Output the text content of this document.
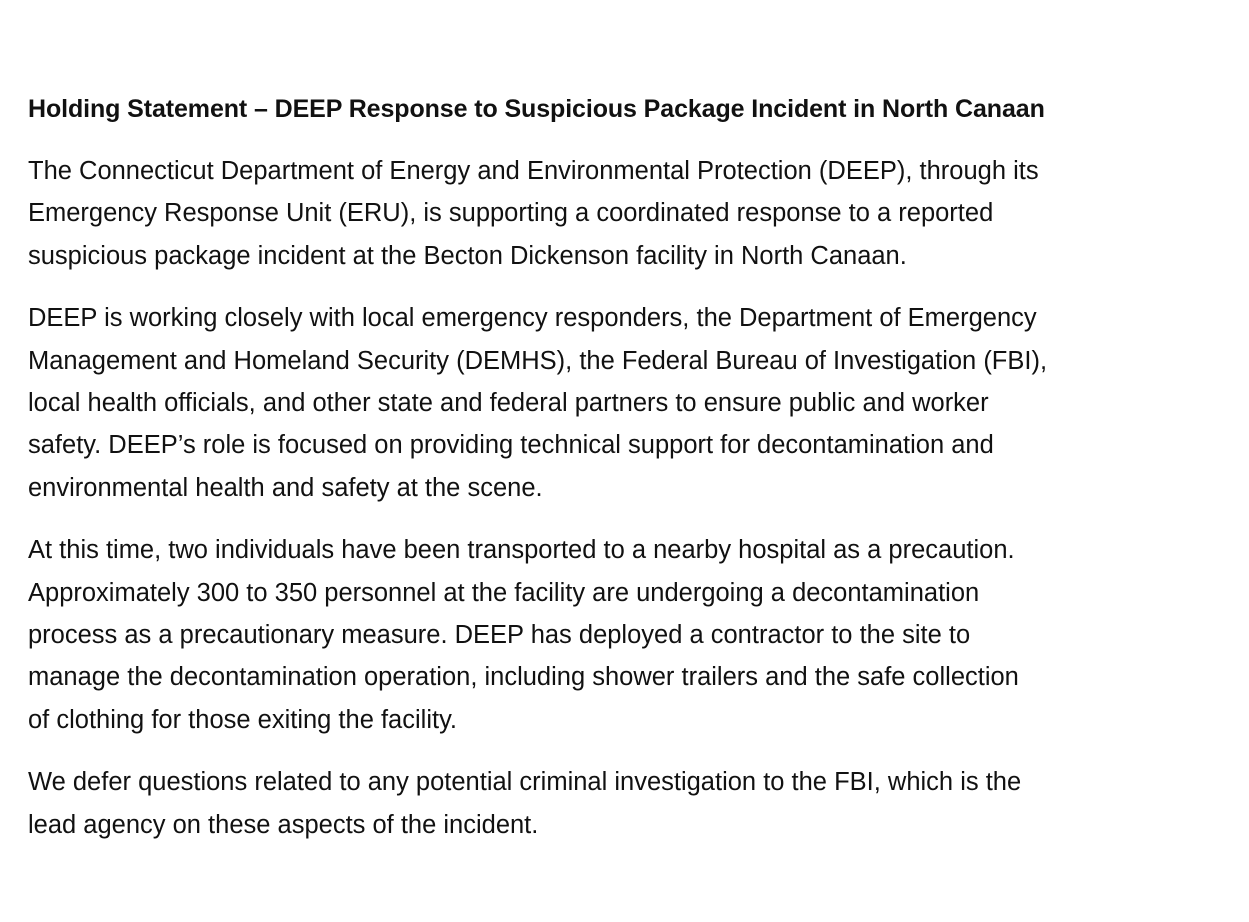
Holding Statement – DEEP Response to Suspicious Package Incident in North Canaan

The Connecticut Department of Energy and Environmental Protection (DEEP), through its
Emergency Response Unit (ERU), is supporting a coordinated response to a reported
suspicious package incident at the Becton Dickenson facility in North Canaan.

DEEP is working closely with local emergency responders, the Department of Emergency
Management and Homeland Security (DEMHS), the Federal Bureau of Investigation (FBI),
local health officials, and other state and federal partners to ensure public and worker
safety. DEEP’s role is focused on providing technical support for decontamination and
environmental health and safety at the scene.

At this time, two individuals have been transported to a nearby hospital as a precaution.
Approximately 300 to 350 personnel at the facility are undergoing a decontamination
process as a precautionary measure. DEEP has deployed a contractor to the site to
manage the decontamination operation, including shower trailers and the safe collection
of clothing for those exiting the facility.

We defer questions related to any potential criminal investigation to the FBI, which is the
lead agency on these aspects of the incident.
